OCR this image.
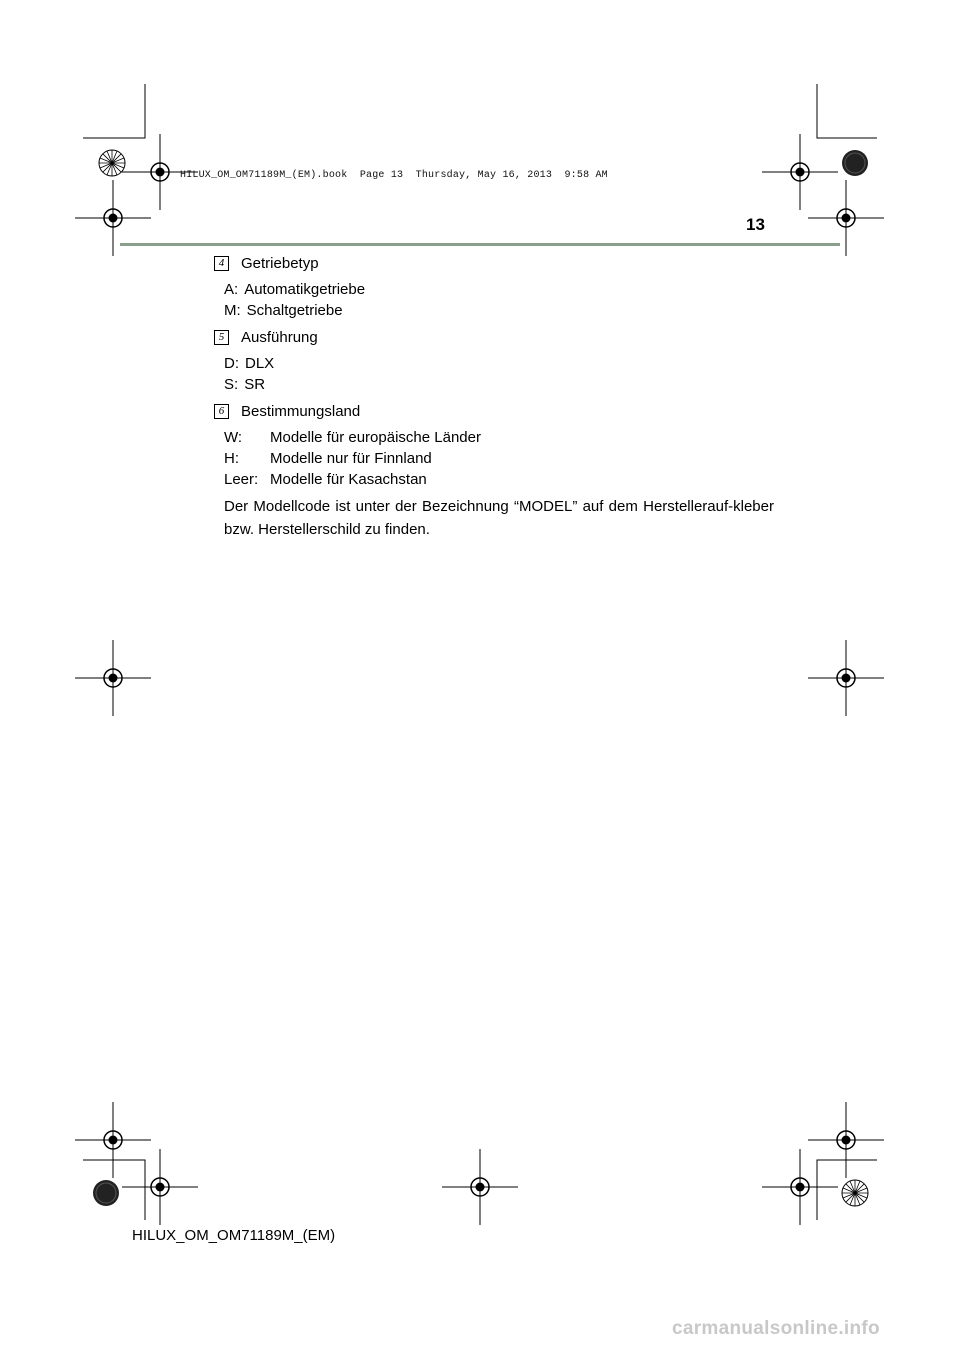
HILUX_OM_OM71189M_(EM).book  Page 13  Thursday, May 16, 2013  9:58 AM
13
4	Getriebetyp
A: Automatikgetriebe
M: Schaltgetriebe
5	Ausführung
D: DLX
S: SR
6	Bestimmungsland
W:	Modelle für europäische Länder
H:	Modelle nur für Finnland
Leer: Modelle für Kasachstan

Der Modellcode ist unter der Bezeichnung “MODEL” auf dem Herstellerauf-kleber bzw. Herstellerschild zu finden.

HILUX_OM_OM71189M_(EM)
carmanualsonline.info
